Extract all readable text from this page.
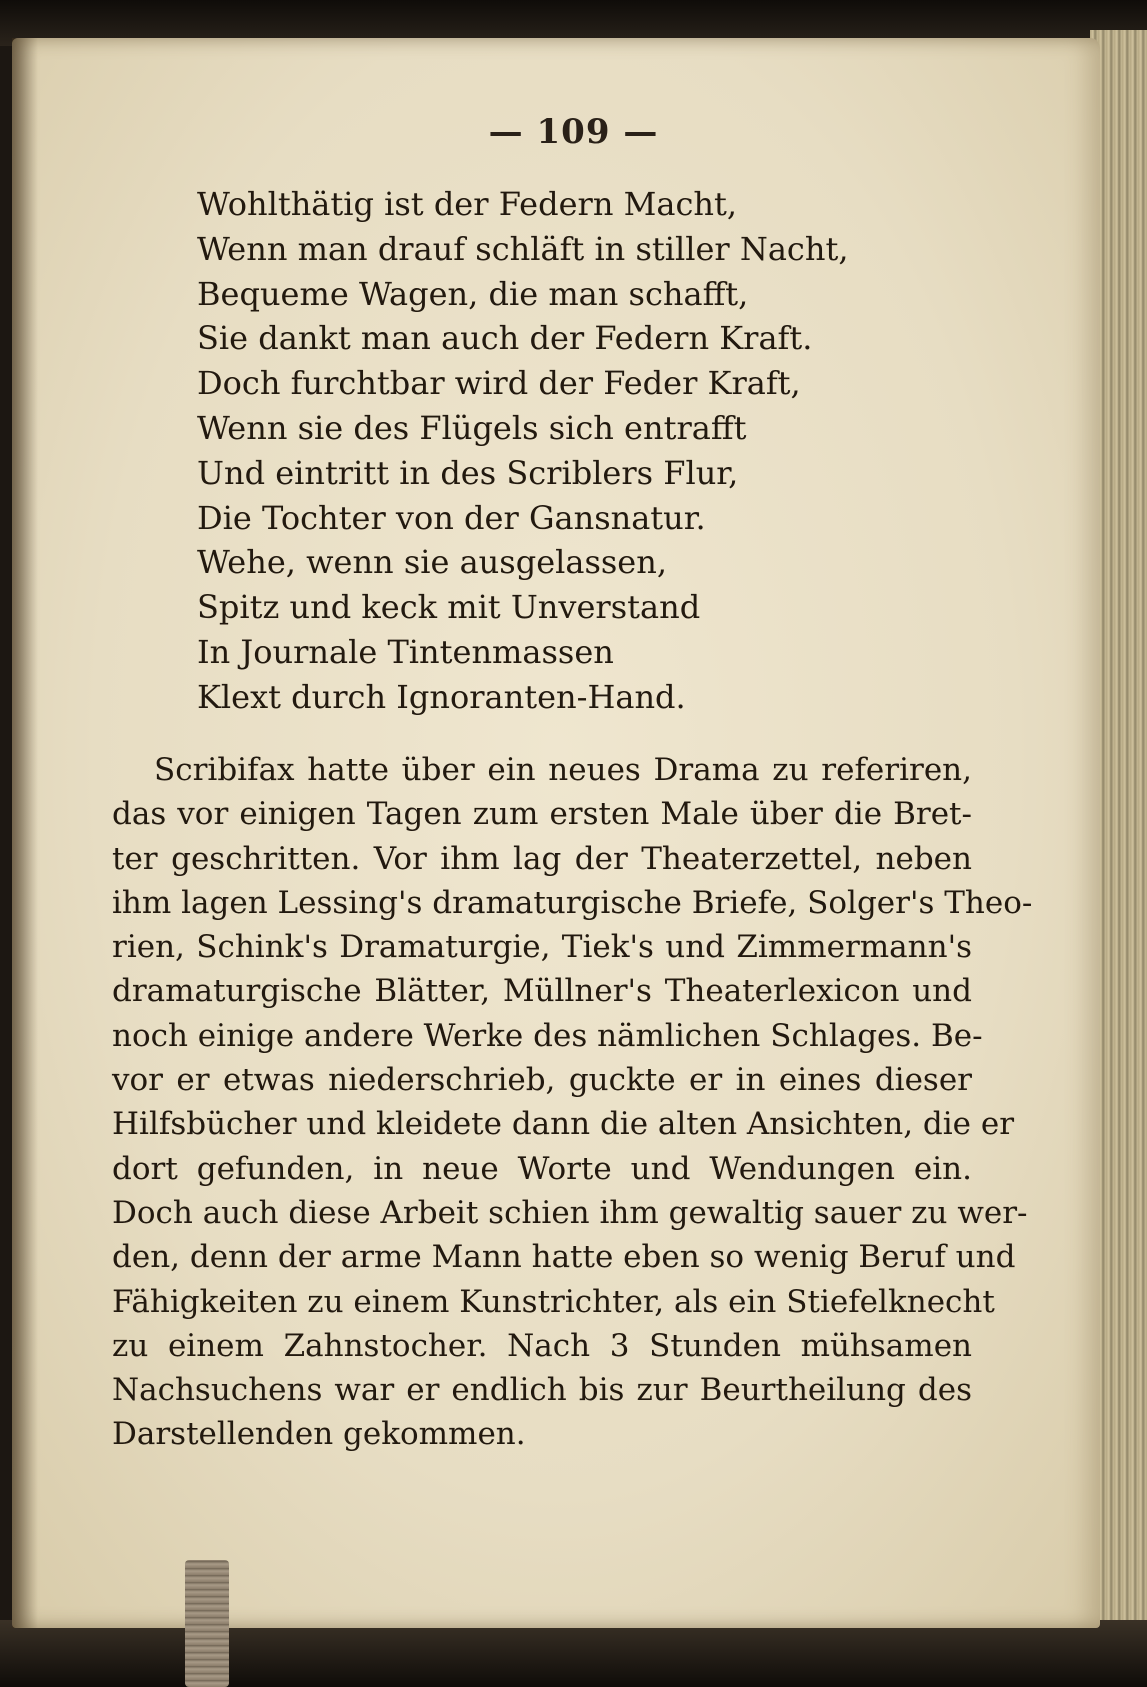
— 109 —
Wohlthätig ist der Federn Macht,
Wenn man drauf schläft in stiller Nacht,
Bequeme Wagen, die man schafft,
Sie dankt man auch der Federn Kraft.
Doch furchtbar wird der Feder Kraft,
Wenn sie des Flügels sich entrafft
Und eintritt in des Scriblers Flur,
Die Tochter von der Gansnatur.
Wehe, wenn sie ausgelassen,
Spitz und keck mit Unverstand
In Journale Tintenmassen
Klext durch Ignoranten-Hand.
Scribifax hatte über ein neues Drama zu referiren,
das vor einigen Tagen zum ersten Male über die Bret-
ter geschritten. Vor ihm lag der Theaterzettel, neben
ihm lagen Lessing's dramaturgische Briefe, Solger's Theo-
rien, Schink's Dramaturgie, Tiek's und Zimmermann's
dramaturgische Blätter, Müllner's Theaterlexicon und
noch einige andere Werke des nämlichen Schlages. Be-
vor er etwas niederschrieb, guckte er in eines dieser
Hilfsbücher und kleidete dann die alten Ansichten, die er
dort gefunden, in neue Worte und Wendungen ein.
Doch auch diese Arbeit schien ihm gewaltig sauer zu wer-
den, denn der arme Mann hatte eben so wenig Beruf und
Fähigkeiten zu einem Kunstrichter, als ein Stiefelknecht
zu einem Zahnstocher. Nach 3 Stunden mühsamen
Nachsuchens war er endlich bis zur Beurtheilung des
Darstellenden gekommen.
